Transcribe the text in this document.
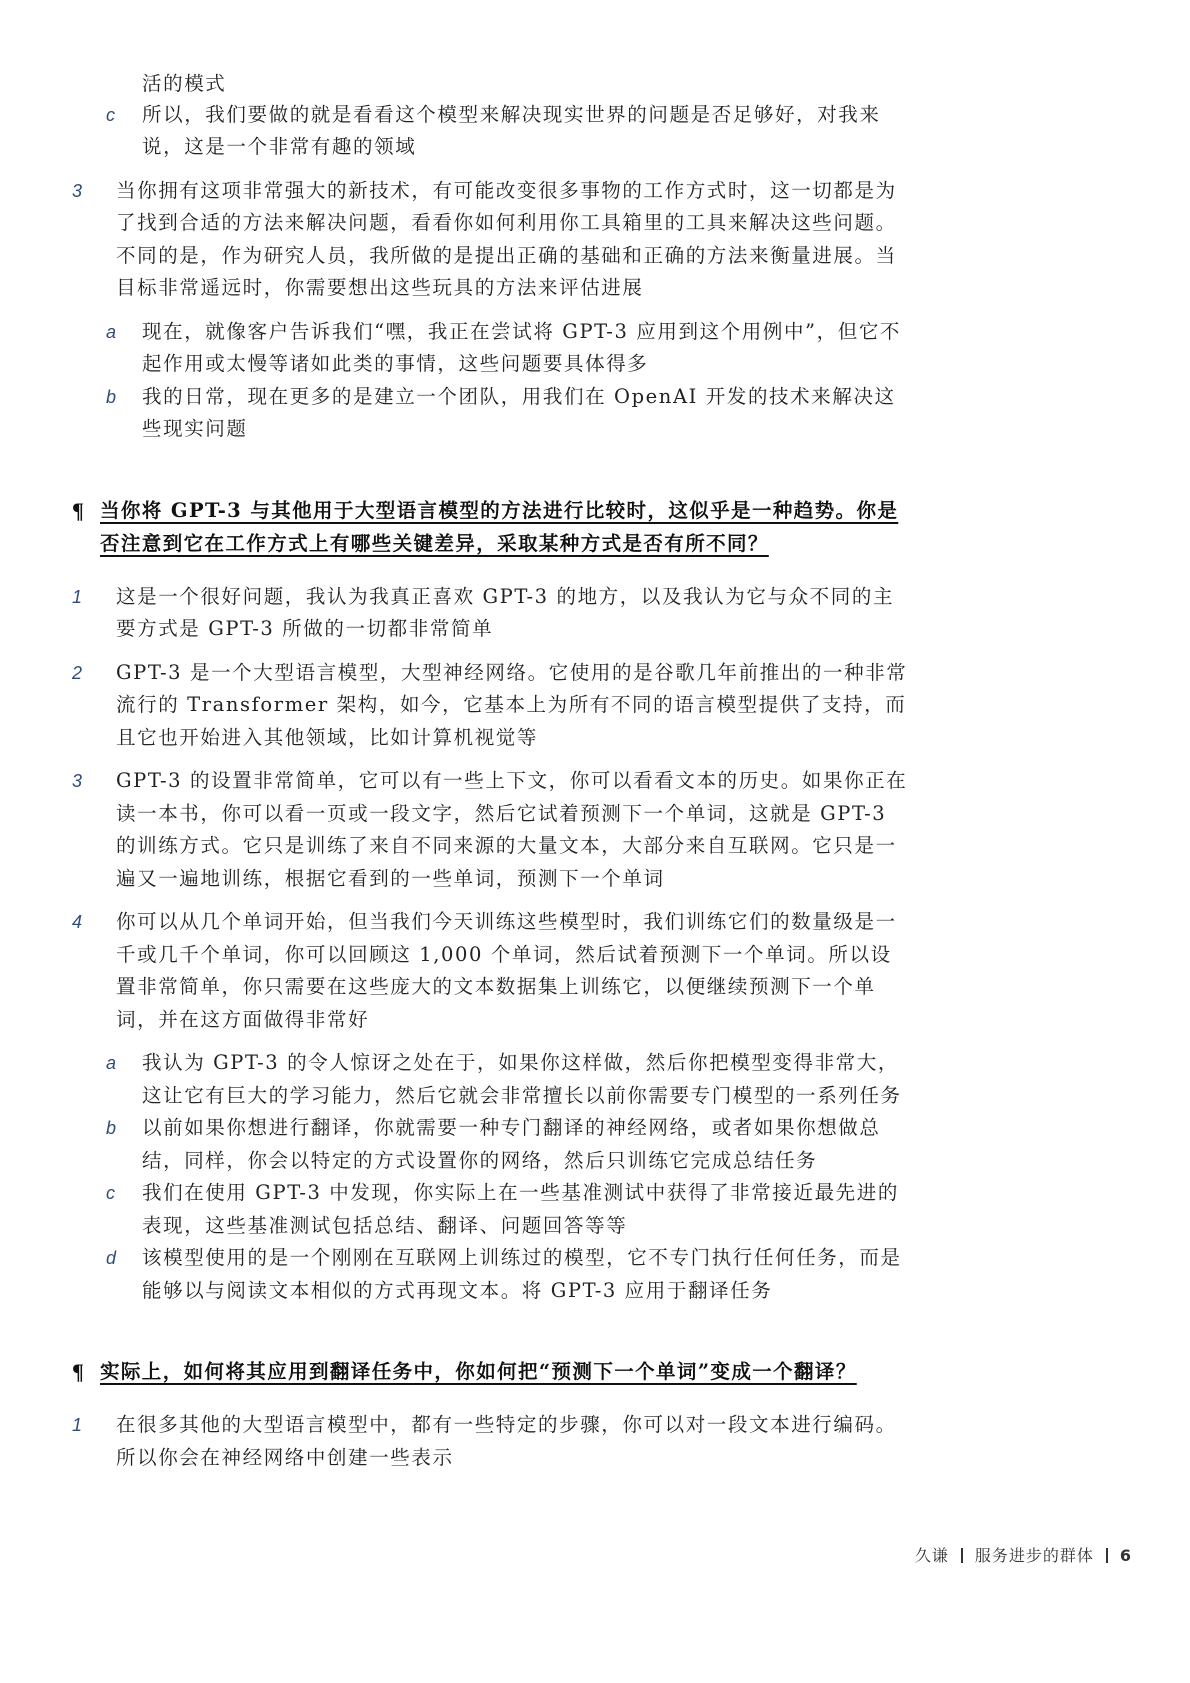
活的模式
c 所以，我们要做的就是看看这个模型来解决现实世界的问题是否足够好，对我来说，这是一个非常有趣的领域
3 当你拥有这项非常强大的新技术，有可能改变很多事物的工作方式时，这一切都是为了找到合适的方法来解决问题，看看你如何利用你工具箱里的工具来解决这些问题。不同的是，作为研究人员，我所做的是提出正确的基础和正确的方法来衡量进展。当目标非常遥远时，你需要想出这些玩具的方法来评估进展
a 现在，就像客户告诉我们“嘿，我正在尝试将 GPT-3 应用到这个用例中”，但它不起作用或太慢等诸如此类的事情，这些问题要具体得多
b 我的日常，现在更多的是建立一个团队，用我们在 OpenAI 开发的技术来解决这些现实问题
¶ 当你将 GPT-3 与其他用于大型语言模型的方法进行比较时，这似乎是一种趋势。你是否注意到它在工作方式上有哪些关键差异，采取某种方式是否有所不同？
1 这是一个很好问题，我认为我真正喜欢 GPT-3 的地方，以及我认为它与众不同的主要方式是 GPT-3 所做的一切都非常简单
2 GPT-3 是一个大型语言模型，大型神经网络。它使用的是谷歌几年前推出的一种非常流行的 Transformer 架构，如今，它基本上为所有不同的语言模型提供了支持，而且它也开始进入其他领域，比如计算机视觉等
3 GPT-3 的设置非常简单，它可以有一些上下文，你可以看看文本的历史。如果你正在读一本书，你可以看一页或一段文字，然后它试着预测下一个单词，这就是 GPT-3 的训练方式。它只是训练了来自不同来源的大量文本，大部分来自互联网。它只是一遍又一遍地训练，根据它看到的一些单词，预测下一个单词
4 你可以从几个单词开始，但当我们今天训练这些模型时，我们训练它们的数量级是一千或几千个单词，你可以回顾这 1,000 个单词，然后试着预测下一个单词。所以设置非常简单，你只需要在这些庞大的文本数据集上训练它，以便继续预测下一个单词，并在这方面做得非常好
a 我认为 GPT-3 的令人惊讶之处在于，如果你这样做，然后你把模型变得非常大，这让它有巨大的学习能力，然后它就会非常擅长以前你需要专门模型的一系列任务
b 以前如果你想进行翻译，你就需要一种专门翻译的神经网络，或者如果你想做总结，同样，你会以特定的方式设置你的网络，然后只训练它完成总结任务
c 我们在使用 GPT-3 中发现，你实际上在一些基准测试中获得了非常接近最先进的表现，这些基准测试包括总结、翻译、问题回答等等
d 该模型使用的是一个刚刚在互联网上训练过的模型，它不专门执行任何任务，而是能够以与阅读文本相似的方式再现文本。将 GPT-3 应用于翻译任务
¶ 实际上，如何将其应用到翻译任务中，你如何把“预测下一个单词”变成一个翻译？
1 在很多其他的大型语言模型中，都有一些特定的步骤，你可以对一段文本进行编码。所以你会在神经网络中创建一些表示
久谦 服务进步的群体 6
